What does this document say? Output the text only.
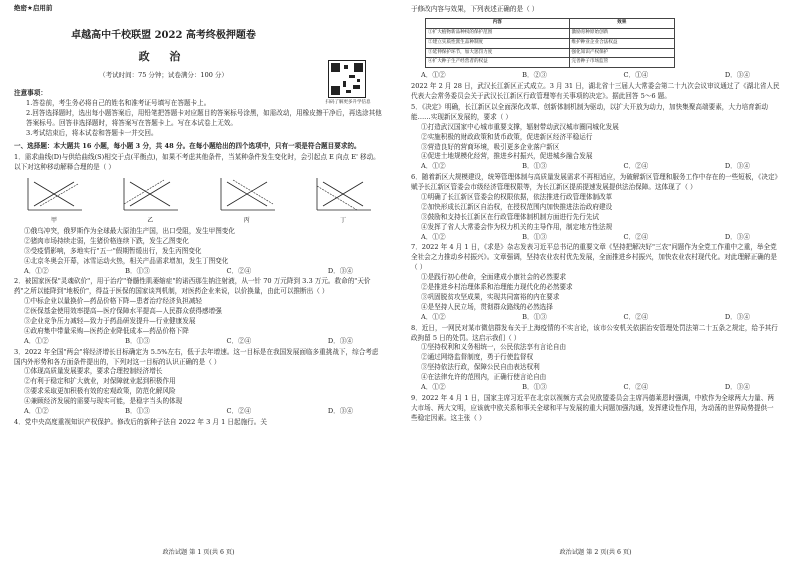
绝密★启用前
卓越高中千校联盟 2022 高考终极押题卷
政 治
（考试时间：75 分钟；试卷满分：100 分）
扫码了解更多升学信息
注意事项：
1.答卷前，考生务必将自己的姓名和准考证号填写在答题卡上。
2.回答选择题时，选出每小题答案后，用铅笔把答题卡对应题目的答案标号涂黑，如需改动，用橡皮擦干净后，再选涂其他答案标号。回答非选择题时，将答案写在答题卡上。写在本试卷上无效。
3.考试结束后，将本试卷和答题卡一并交回。
一、选择题：本大题共 16 小题，每小题 3 分，共 48 分。在每小题给出的四个选项中，只有一项是符合题目要求的。
1．需求曲线(D)与供给曲线(S)相交于点(平衡点)，如果不考虑其他条件，当某种条件发生变化时，会引起点 E 向点 E' 移动。以下对这种移动解释合理的是（ ）
甲	乙	丙	丁
①俄乌冲突，俄罗斯作为全球最大原油生产国，出口受阻，发生甲图变化
②猪肉市场持续走弱，生猪价格连续下跌，发生乙图变化
③受疫情影响，多地实行"五一"假期暂缓出行，发生丙图变化
④北京冬奥会开幕，冰雪运动火热，相关产品需求增加，发生丁图变化
A．①②	B．①③	C．②④	D．③④
2．被国家医保"灵魂砍价"，用于治疗"脊髓性肌萎缩症"的诺西那生钠注射液，从一针 70 万元降到 3.3 万元。救命的"天价药"之所以能降到"地板价"，得益于医保的国家谈判机制，对医药企业来说，以价换量，由此可以推断出（ ）
①中标企业以量换价—药品价格下降—患者治疗经济负担减轻
②医保基金使用效率提高—医疗保障水平提高—人民群众获得感增强
③企业竞争压力减轻—致力于药品研发提升—行业健康发展
④政府集中带量采购—医药企业降低成本—药品价格下降
A．①②	B．①③	C．②④	D．③④
3．2022 年全国"两会"将经济增长目标确定为 5.5%左右，低于去年增速。这一目标是在我国发展面临多重挑战下，综合考虑国内外形势和各方面条件提出的，下列对这一目标的认识正确的是（ ）
①体现高质量发展要求，要求合理控制经济增长
②有利于稳定和扩大就业，对保障就业起到积极作用
③要求采取更加积极有效的宏观政策，防范化解风险
④兼顾经济发展的需要与现实可能，是稳字当头的体现
A．①②	B．①③	C．②④	D．③④
4．党中央高度重视知识产权保护。修改后的新种子法自 2022 年 3 月 1 日起施行。关
政治试题 第 1 页(共 6 页)
于修改内容与效果，下列表述正确的是（ ）
内容	效果
①扩大植物新品种权的保护范围	激励育种原始创新
②建立实质性派生品种制度	维护种业企业合法权益
③延伸保护环节，加大惩罚力度	强化知识产权保护
④扩大种子生产经营者的权益	完善种子市场监管
A．①②	B．②③	C．①④	D．③④
2022 年 2 月 28 日，武汉长江新区正式成立。3 月 31 日，湖北省十三届人大常委会第二十九次会议审议通过了《湖北省人民代表大会常务委员会关于武汉长江新区行政管理等有关事项的决定》。据此回答 5～6 题。
5．《决定》明确，长江新区以全面深化改革、创新体制机制为驱动，以扩大开放为动力，加快集聚高端要素，大力培育新动能……实现新区发展的，要求（ ）
①打造武汉国家中心城市重要支撑，辐射带动武汉城市圈同城化发展
②实施积极的财政政策和货币政策，促进新区经济平稳运行
③营造良好的营商环境，吸引更多企业落户新区
④促进土地规模化经营，推进乡村振兴，促进城乡融合发展
A．①②	B．①③	C．②④	D．③④
6．随着新区大规模建设，统筹管理体制与高质量发展需求不再相适应，为破解新区管理和服务工作中存在的一些短板，《决定》赋予长江新区管委会市级经济管理权限等，为长江新区提质提速发展提供法治保障。这体现了（ ）
①明确了长江新区管委会的权限依据，依法推进行政管理体制改革
②加快形成长江新区自治权，在授权范围内加快推进法治政府建设
③鼓励和支持长江新区在行政管理体制机制方面进行先行先试
④发挥了省人大常委会作为权力机关的主导作用，制定地方性法规
A．①②	B．①③	C．②④	D．③④
7．2022 年 4 月 1 日，《求是》杂志发表习近平总书记的重要文章《坚持把解决好"三农"问题作为全党工作重中之重，举全党全社会之力推动乡村振兴》。文章强调，坚持农业农村优先发展，全面推进乡村振兴，加快农业农村现代化。对此理解正确的是（ ）
①是践行初心使命，全面建成小康社会的必然要求
②是推进乡村治理体系和治理能力现代化的必然要求
③巩固脱贫攻坚成果，实现共同富裕的内在要求
④是坚持人民立场，贯彻群众路线的必然选择
A．①②	B．①③	C．②④	D．③④
8．近日，一网民对某市微信群发布关于上海疫情的不实言论，该市公安机关依据治安管理处罚法第二十五条之规定，给予其行政拘留 5 日的处罚。这启示我们（ ）
①坚持权利和义务相统一，公民依法享有言论自由
②通过网络监督制度，勇于行使监督权
③坚持依法行政，保障公民自由表达权利
④在法律允许的范围内，正确行使言论自由
A．①②	B．①③	C．②④	D．③④
9．2022 年 4 月 1 日，国家主席习近平在北京以视频方式会见欧盟委员会主席冯德莱恩时强调，中欧作为全球两大力量、两大市场、两大文明，应该就中欧关系和事关全球和平与发展的重大问题加强沟通，发挥建设性作用，为动荡的世界局势提供一些稳定因素。这主张（ ）
政治试题 第 2 页(共 6 页)
